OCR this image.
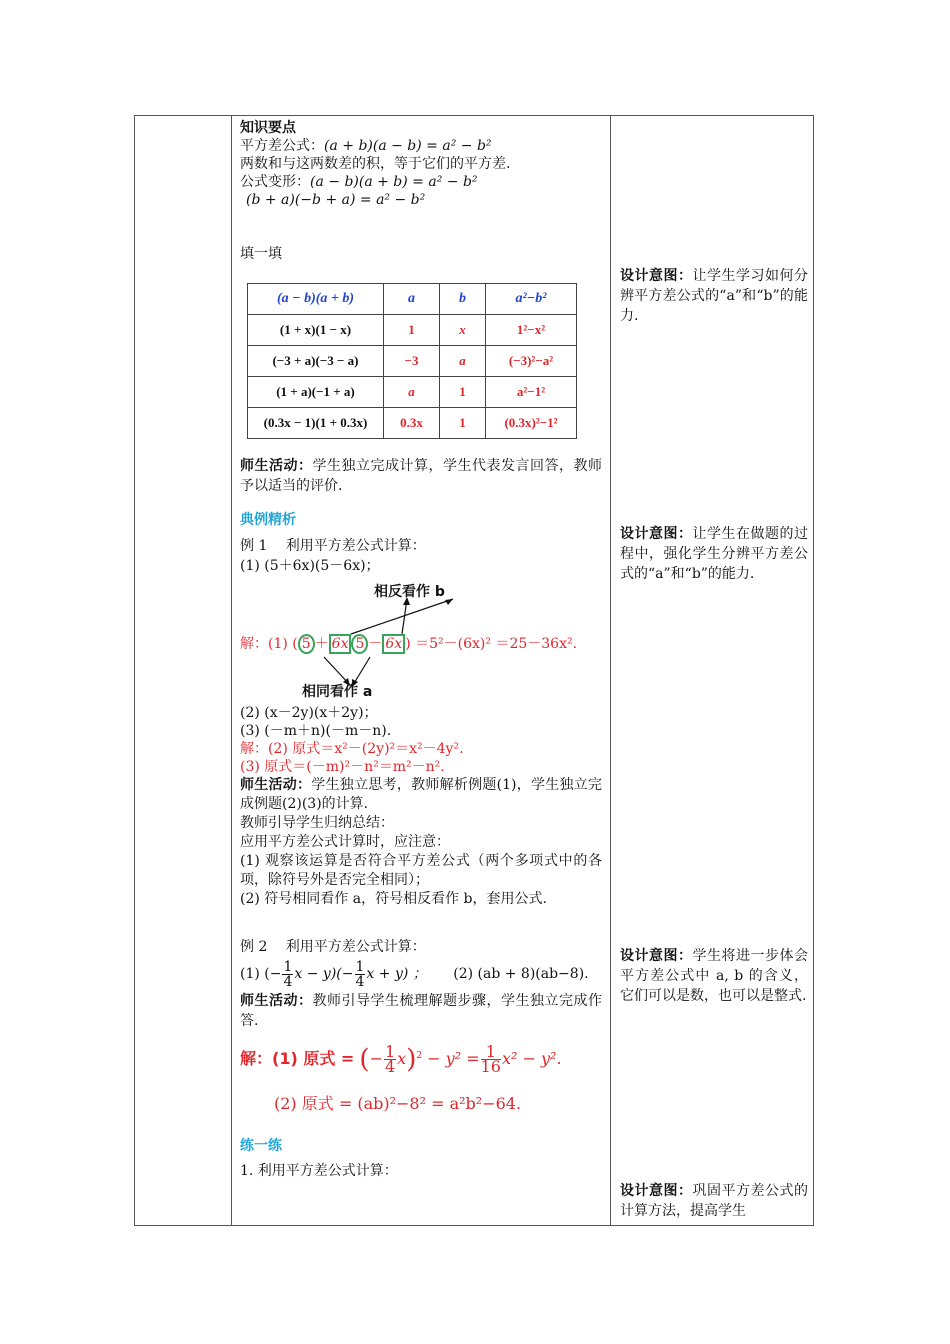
知识要点
平方差公式：(a + b)(a − b) = a² − b²
两数和与这两数差的积，等于它们的平方差.
公式变形：(a − b)(a + b) = a² − b²
(b + a)(−b + a) = a² − b²
填一填
(a − b)(a + b)	a	b	a²−b²
(1 + x)(1 − x)	1	x	1²−x²
(−3 + a)(−3 − a)	−3	a	(−3)²−a²
(1 + a)(−1 + a)	a	1	a²−1²
(0.3x − 1)(1 + 0.3x)	0.3x	1	(0.3x)²−1²
师生活动：学生独立完成计算，学生代表发言回答，教师予以适当的评价.
典例精析
例 1　 利用平方差公式计算：
(1) (5＋6x)(5－6x)；
相反看作 b
解：(1) ( 5 ＋ 6x 5 － 6x ) ＝5²－(6x)² ＝25－36x².
相同看作 a
(2) (x－2y)(x＋2y)；
(3) (－m＋n)(－m－n).
解：(2) 原式＝x²－(2y)²＝x²－4y².
(3) 原式＝(－m)²－n²＝m²－n².
师生活动：学生独立思考，教师解析例题(1)，学生独立完成例题(2)(3)的计算.
教师引导学生归纳总结：
应用平方差公式计算时，应注意：
(1) 观察该运算是否符合平方差公式（两个多项式中的各项，除符号外是否完全相同）；
(2) 符号相同看作 a，符号相反看作 b，套用公式.
例 2　 利用平方差公式计算：
(1) (− $\frac{1}{4}$ $x - y)(- \frac{1}{4}$ x + y) ； (2) (ab + 8)(ab−8).
师生活动：教师引导学生梳理解题步骤，学生独立完成作答.
解：(1) 原式 = (− $\frac{1}{4} x)^2 - y^2 = \frac{1}{16} x^2 - y^2$.
(2) 原式 = (ab)²−8² = a²b²−64.
练一练
1. 利用平方差公式计算：
设计意图：让学生学习如何分辨平方差公式的“a”和“b”的能力.
设计意图：让学生在做题的过程中，强化学生分辨平方差公式的“a”和“b”的能力.
设计意图：学生将进一步体会平方差公式中 a, b 的含义，它们可以是数，也可以是整式.
设计意图：巩固平方差公式的计算方法，提高学生
